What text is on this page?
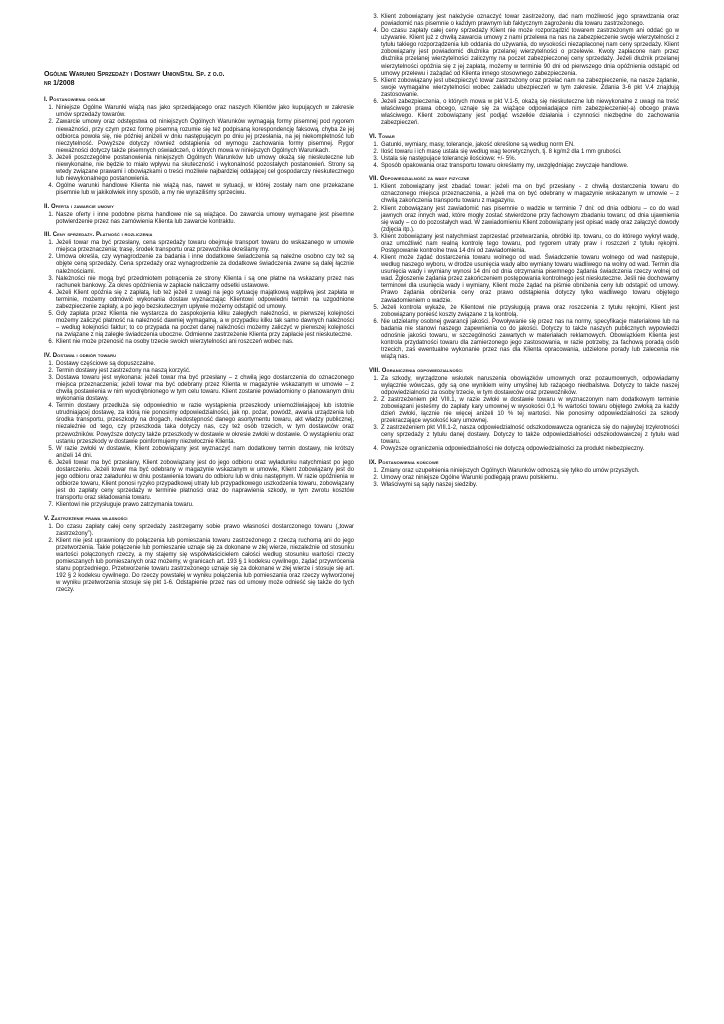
Ogólne Warunki Sprzedaży i Dostawy UnionStal Sp. z o.o.
nr 1/2008
I. Postanowienia ogólne
1. Niniejsze Ogólne Warunki wiążą nas jako sprzedającego oraz naszych Klientów jako kupujących w zakresie umów sprzedaży towarów.
2. Zawarcie umowy oraz odstępstwa od niniejszych Ogólnych Warunków wymagają formy pisemnej pod rygorem nieważności, przy czym przez formę pisemną rozumie się też podpisaną korespondencję faksową, chyba że jej odbiorca powoła się, nie później aniżeli w dniu następującym po dniu jej przesłania, na jej niekompletność lub nieczytelność. Powyższe dotyczy również odstąpienia od wymogu zachowania formy pisemnej. Rygor nieważności dotyczy także pisemnych oświadczeń, o których mowa w niniejszych Ogólnych Warunkach.
3. Jeżeli poszczególne postanowienia niniejszych Ogólnych Warunków lub umowy okażą się nieskuteczne lub niewykonalne, nie będzie to miało wpływu na skuteczność i wykonalność pozostałych postanowień. Strony są wtedy związane prawami i obowiązkami o treści możliwie najbardziej oddającej cel gospodarczy nieskutecznego lub niewykonalnego postanowienia.
4. Ogólne warunki handlowe Klienta nie wiążą nas, nawet w sytuacji, w której zostały nam one przekazane pisemnie lub w jakikolwiek inny sposób, a my nie wyraziliśmy sprzeciwu.
II. Oferta i zawarcie umowy
1. Nasze oferty i inne podobne pisma handlowe nie są wiążące. Do zawarcia umowy wymagane jest pisemne potwierdzenie przez nas zamówienia Klienta lub zawarcie kontraktu.
III. Ceny sprzedaży. Płatność i rozliczenia
1. Jeżeli towar ma być przesłany, cena sprzedaży towaru obejmuje transport towaru do wskazanego w umowie miejsca przeznaczenia; trasę, środek transportu oraz przewoźnika określamy my.
2. Umowa określa, czy wynagrodzenie za badania i inne dodatkowe świadczenia są należne osobno czy też są objęte ceną sprzedaży. Cena sprzedaży oraz wynagrodzenie za dodatkowe świadczenia zwane są dalej łącznie należnościami.
3. Należności nie mogą być przedmiotem potrącenia ze strony Klienta i są one płatne na wskazany przez nas rachunek bankowy. Za okres opóźnienia w zapłacie naliczamy odsetki ustawowe.
4. Jeżeli Klient opóźnia się z zapłatą, lub też jeżeli z uwagi na jego sytuację majątkową wątpliwą jest zapłata w terminie, możemy odmówić wykonania dostaw wyznaczając Klientowi odpowiedni termin na uzgodnione zabezpieczenie zapłaty, a po jego bezskutecznym upływie możemy odstąpić od umowy.
5. Gdy zapłata przez Klienta nie wystarcza do zaspokojenia kilku zaległych należności, w pierwszej kolejności możemy zaliczyć płatność na należność dawniej wymagalną, a w przypadku kilku tak samo dawnych należności – według kolejności faktur; to co przypada na poczet danej należności możemy zaliczyć w pierwszej kolejności na związane z nią zaległe świadczenia uboczne. Odmienne zastrzeżenie Klienta przy zapłacie jest nieskuteczne.
6. Klient nie może przenosić na osoby trzecie swoich wierzytelności ani roszczeń wobec nas.
IV. Dostawa i odbiór towaru
1. Dostawy częściowe są dopuszczalne.
2. Termin dostawy jest zastrzeżony na naszą korzyść.
3. Dostawa towaru jest wykonana: jeżeli towar ma być przesłany – z chwilą jego dostarczenia do oznaczonego miejsca przeznaczenia; jeżeli towar ma być odebrany przez Klienta w magazynie wskazanym w umowie – z chwilą postawienia w nim wyodrębnionego w tym celu towaru. Klient zostanie powiadomiony o planowanym dniu wykonania dostawy.
4. Termin dostawy przedłuża się odpowiednio w razie wystąpienia przeszkody uniemożliwiającej lub istotnie utrudniającej dostawę, za którą nie ponosimy odpowiedzialności, jak np. pożar, powódź, awaria urządzenia lub środka transportu, przeszkody na drogach, niedostępność danego asortymentu towaru, akt władzy publicznej, niezależnie od tego, czy przeszkoda taka dotyczy nas, czy też osób trzecich, w tym dostawców oraz przewoźników. Powyższe dotyczy także przeszkody w dostawie w okresie zwłoki w dostawie. O wystąpieniu oraz ustaniu przeszkody w dostawie poinformujemy niezwłocznie Klienta.
5. W razie zwłoki w dostawie, Klient zobowiązany jest wyznaczyć nam dodatkowy termin dostawy, nie krótszy aniżeli 14 dni.
6. Jeżeli towar ma być przesłany, Klient zobowiązany jest do jego odbioru oraz wyładunku natychmiast po jego dostarczeniu. Jeżeli towar ma być odebrany w magazynie wskazanym w umowie, Klient zobowiązany jest do jego odbioru oraz załadunku w dniu postawienia towaru do odbioru lub w dniu następnym. W razie opóźnienia w odbiorze towaru, Klient ponosi ryzyko przypadkowej utraty lub przypadkowego uszkodzenia towaru, zobowiązany jest do zapłaty ceny sprzedaży w terminie płatności oraz do naprawienia szkody, w tym zwrotu kosztów transportu oraz składowania towaru.
7. Klientowi nie przysługuje prawo zatrzymania towaru.
V. Zastrzeżenie prawa własności
1. Do czasu zapłaty całej ceny sprzedaży zastrzegamy sobie prawo własności dostarczonego towaru („towar zastrzeżony”).
2. Klient nie jest uprawniony do połączenia lub pomieszania towaru zastrzeżonego z rzeczą ruchomą ani do jego przetworzenia. Takie połączenie lub pomieszanie uznaje się za dokonane w złej wierze, niezależnie od stosunku wartości połączonych rzeczy, a my stajemy się współwłaścicielem całości według stosunku wartości rzeczy pomieszanych lub pomieszanych oraz możemy, w granicach art. 193 § 1 kodeksu cywilnego, żądać przywrócenia stanu poprzedniego. Przetworzenie towaru zastrzeżonego uznaje się za dokonane w złej wierze i stosuje się art. 192 § 2 kodeksu cywilnego. Do rzeczy powstałej w wyniku połączenia lub pomieszania oraz rzeczy wytworzonej w wyniku przetworzenia stosuje się pkt 1-6. Odstąpienie przez nas od umowy może odnieść się także do tych rzeczy.
3. Klient zobowiązany jest należycie oznaczyć towar zastrzeżony, dać nam możliwość jego sprawdzania oraz powiadomić nas pisemnie o każdym prawnym lub faktycznym zagrożeniu dla towaru zastrzeżonego.
4. Do czasu zapłaty całej ceny sprzedaży Klient nie może rozporządzić towarem zastrzeżonym ani oddać go w używanie. Klient już z chwilą zawarcia umowy z nami przelewa na nas na zabezpieczenie swoje wierzytelności z tytułu takiego rozporządzenia lub oddania do używania, do wysokości niezapłaconej nam ceny sprzedaży. Klient zobowiązany jest powiadomić dłużnika przelanej wierzytelności o przelewie. Kwoty zapłacone nam przez dłużnika przelanej wierzytelności zaliczymy na poczet zabezpieczonej ceny sprzedaży. Jeżeli dłużnik przelanej wierzytelności opóźnia się z jej zapłatą, możemy w terminie 90 dni od pierwszego dnia opóźnienia odstąpić od umowy przelewu i zażądać od Klienta innego stosownego zabezpieczenia.
5. Klient zobowiązany jest ubezpieczyć towar zastrzeżony oraz przelać nam na zabezpieczenie, na nasze żądanie, swoje wymagalne wierzytelności wobec zakładu ubezpieczeń w tym zakresie. Zdania 3-6 pkt V.4 znajdują zastosowanie.
6. Jeżeli zabezpieczenia, o których mowa w pkt V.1-5, okażą się nieskuteczne lub niewykonalne z uwagi na treść właściwego prawa obcego, uznaje się za wiążące odpowiadające nim zabezpieczenie(-a) obcego prawa właściwego. Klient zobowiązany jest podjąć wszelkie działania i czynności niezbędne do zachowania zabezpieczeń.
VI. Towar
1. Gatunki, wymiary, masy, tolerancje, jakość określone są według norm EN.
2. Ilość towaru i ich masę ustala się według wag teoretycznych, tj. 8 kg/m2 dla 1 mm grubości.
3. Ustala się następujące tolerancje ilościowe: +/- 5%.
4. Sposób opakowania oraz transportu towaru określamy my, uwzględniając zwyczaje handlowe.
VII. Odpowiedzialność za wady fizyczne
1. Klient zobowiązany jest zbadać towar: jeżeli ma on być przesłany - z chwilą dostarczenia towaru do oznaczonego miejsca przeznaczenia, a jeżeli ma on być odebrany w magazynie wskazanym w umowie – z chwilą zakończenia transportu towaru z magazynu.
2. Klient zobowiązany jest zawiadomić nas pisemnie o wadzie w terminie 7 dni: od dnia odbioru – co do wad jawnych oraz innych wad, które mogły zostać stwierdzone przy fachowym zbadaniu towaru; od dnia ujawnienia się wady – co do pozostałych wad. W zawiadomieniu Klient zobowiązany jest opisać wadę oraz załączyć dowody (zdjęcia itp.).
3. Klient zobowiązany jest natychmiast zaprzestać przetwarzania, obróbki itp. towaru, co do którego wykrył wadę, oraz umożliwić nam realną kontrolę tego towaru, pod rygorem utraty praw i roszczeń z tytułu rękojmi. Postępowanie kontrolne trwa 14 dni od zawiadomienia.
4. Klient może żądać dostarczenia towaru wolnego od wad. Świadczenie towaru wolnego od wad następuje, według naszego wyboru, w drodze usunięcia wady albo wymiany towaru wadliwego na wolny od wad. Termin dla usunięcia wady i wymiany wynosi 14 dni od dnia otrzymania pisemnego żądania świadczenia rzeczy wolnej od wad. Zgłoszenie żądania przez zakończeniem postępowania kontrolnego jest nieskuteczne. Jeśli nie dochowamy terminowi dla usunięcia wady i wymiany, Klient może żądać na piśmie obniżenia ceny lub odstąpić od umowy. Prawo żądania obniżenia ceny oraz prawo odstąpienia dotyczy tylko wadliwego towaru objętego zawiadomieniem o wadzie.
5. Jeżeli kontrola wykaże, że Klientowi nie przysługują prawa oraz roszczenia z tytułu rękojmi, Klient jest zobowiązany ponieść koszty związane z tą kontrolą.
6. Nie udzielamy osobnej gwarancji jakości. Powoływanie się przez nas na normy, specyfikacje materiałowe lub na badania nie stanowi naszego zapewnienia co do jakości. Dotyczy to także naszych publicznych wypowiedzi odnośnie jakości towaru, w szczególności zawartych w materiałach reklamowych. Obowiązkiem Klienta jest kontrola przydatności towaru dla zamierzonego jego zastosowania, w razie potrzeby, za fachową poradą osób trzecich, zaś ewentualne wykonanie przez nas dla Klienta opracowania, udzielone porady lub zalecenia nie wiążą nas.
VIII. Ograniczenia odpowiedzialności
1. Za szkody, wyrządzone wskutek naruszenia obowiązków umownych oraz pozaumownych, odpowiadamy wyłącznie wówczas, gdy są one wynikiem winy umyślnej lub rażącego niedbalstwa. Dotyczy to także naszej odpowiedzialności za osoby trzecie, w tym dostawców oraz przewoźników.
2. Z zastrzeżeniem pkt VIII.1, w razie zwłoki w dostawie towaru w wyznaczonym nam dodatkowym terminie zobowiązani jesteśmy do zapłaty kary umownej w wysokości 0,1 % wartości towaru objętego zwłoką za każdy dzień zwłoki, łącznie nie więcej aniżeli 10 % tej wartości. Nie ponosimy odpowiedzialności za szkody przekraczające wysokość kary umownej.
3. Z zastrzeżeniem pkt VIII.1-2, nasza odpowiedzialność odszkodowawcza ogranicza się do najwyżej trzykrotności ceny sprzedaży z tytułu danej dostawy. Dotyczy to także odpowiedzialności odszkodowawczej z tytułu wad towaru.
4. Powyższe ograniczenia odpowiedzialności nie dotyczą odpowiedzialności za produkt niebezpieczny.
IX. Postanowienia końcowe
1. Zmiany oraz uzupełnienia niniejszych Ogólnych Warunków odnoszą się tylko do umów przyszłych.
2. Umowy oraz niniejsze Ogólne Warunki podlegają prawu polskiemu.
3. Właściwymi są sądy naszej siedziby.
